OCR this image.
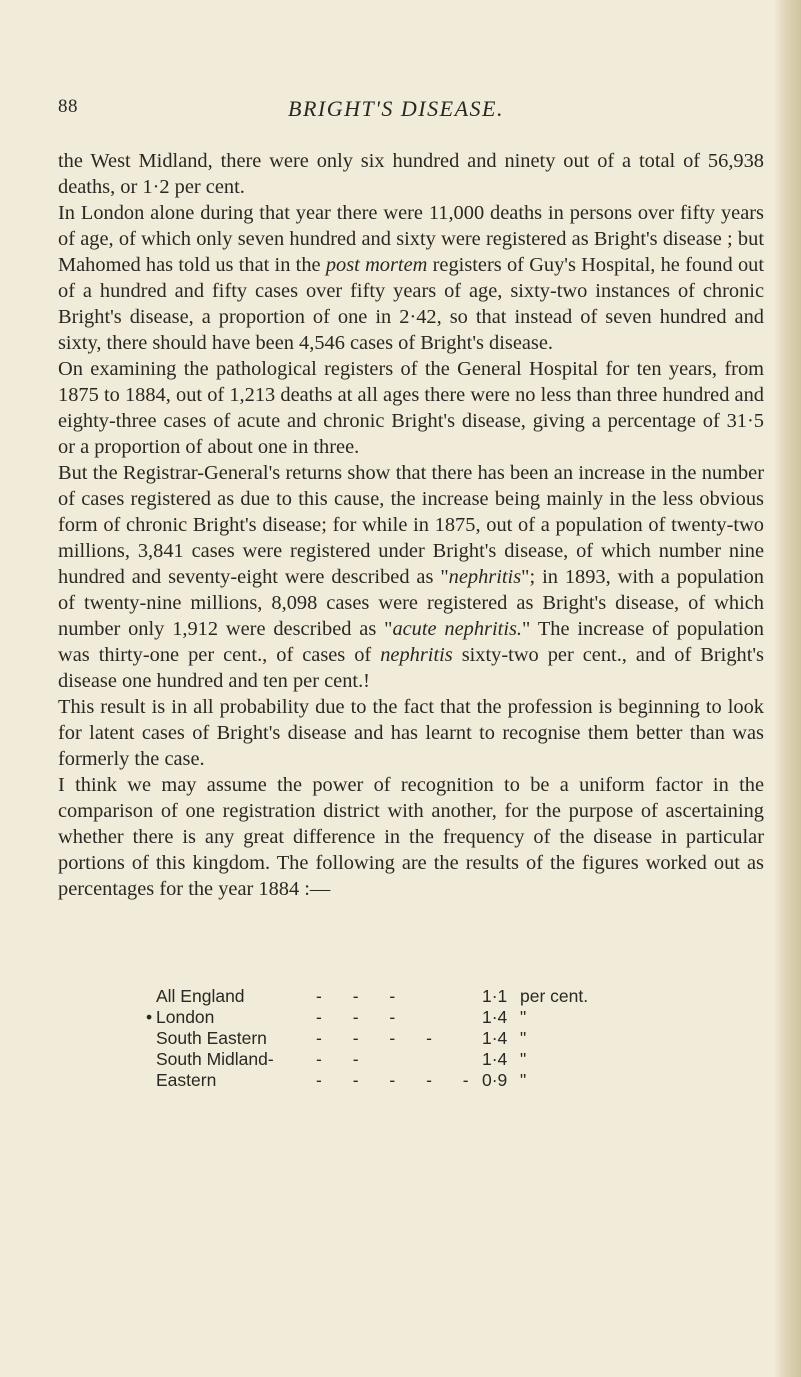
88	BRIGHT'S DISEASE.

the West Midland, there were only six hundred and ninety out of a total of 56,938 deaths, or 1·2 per cent.

In London alone during that year there were 11,000 deaths in persons over fifty years of age, of which only seven hundred and sixty were registered as Bright's disease ; but Mahomed has told us that in the post mortem registers of Guy's Hospital, he found out of a hundred and fifty cases over fifty years of age, sixty-two instances of chronic Bright's disease, a proportion of one in 2·42, so that instead of seven hundred and sixty, there should have been 4,546 cases of Bright's disease.

On examining the pathological registers of the General Hospital for ten years, from 1875 to 1884, out of 1,213 deaths at all ages there were no less than three hundred and eighty-three cases of acute and chronic Bright's disease, giving a percentage of 31·5 or a proportion of about one in three.

But the Registrar-General's returns show that there has been an increase in the number of cases registered as due to this cause, the increase being mainly in the less obvious form of chronic Bright's disease; for while in 1875, out of a population of twenty-two millions, 3,841 cases were registered under Bright's disease, of which number nine hundred and seventy-eight were described as "nephritis"; in 1893, with a population of twenty-nine millions, 8,098 cases were registered as Bright's disease, of which number only 1,912 were described as "acute nephritis." The increase of population was thirty-one per cent., of cases of nephritis sixty-two per cent., and of Bright's disease one hundred and ten per cent.!

This result is in all probability due to the fact that the profession is beginning to look for latent cases of Bright's disease and has learnt to recognise them better than was formerly the case.

I think we may assume the power of recognition to be a uniform factor in the comparison of one registration district with another, for the purpose of ascertaining whether there is any great difference in the frequency of the disease in particular portions of this kingdom. The following are the results of the figures worked out as percentages for the year 1884 :—

All England	- - -	1·1 per cent.
• London	- - -	1·4 "
South Eastern	- - - - 1·4 "
South Midland- - -	1·4 "
Eastern	- - - - - 0·9 "
